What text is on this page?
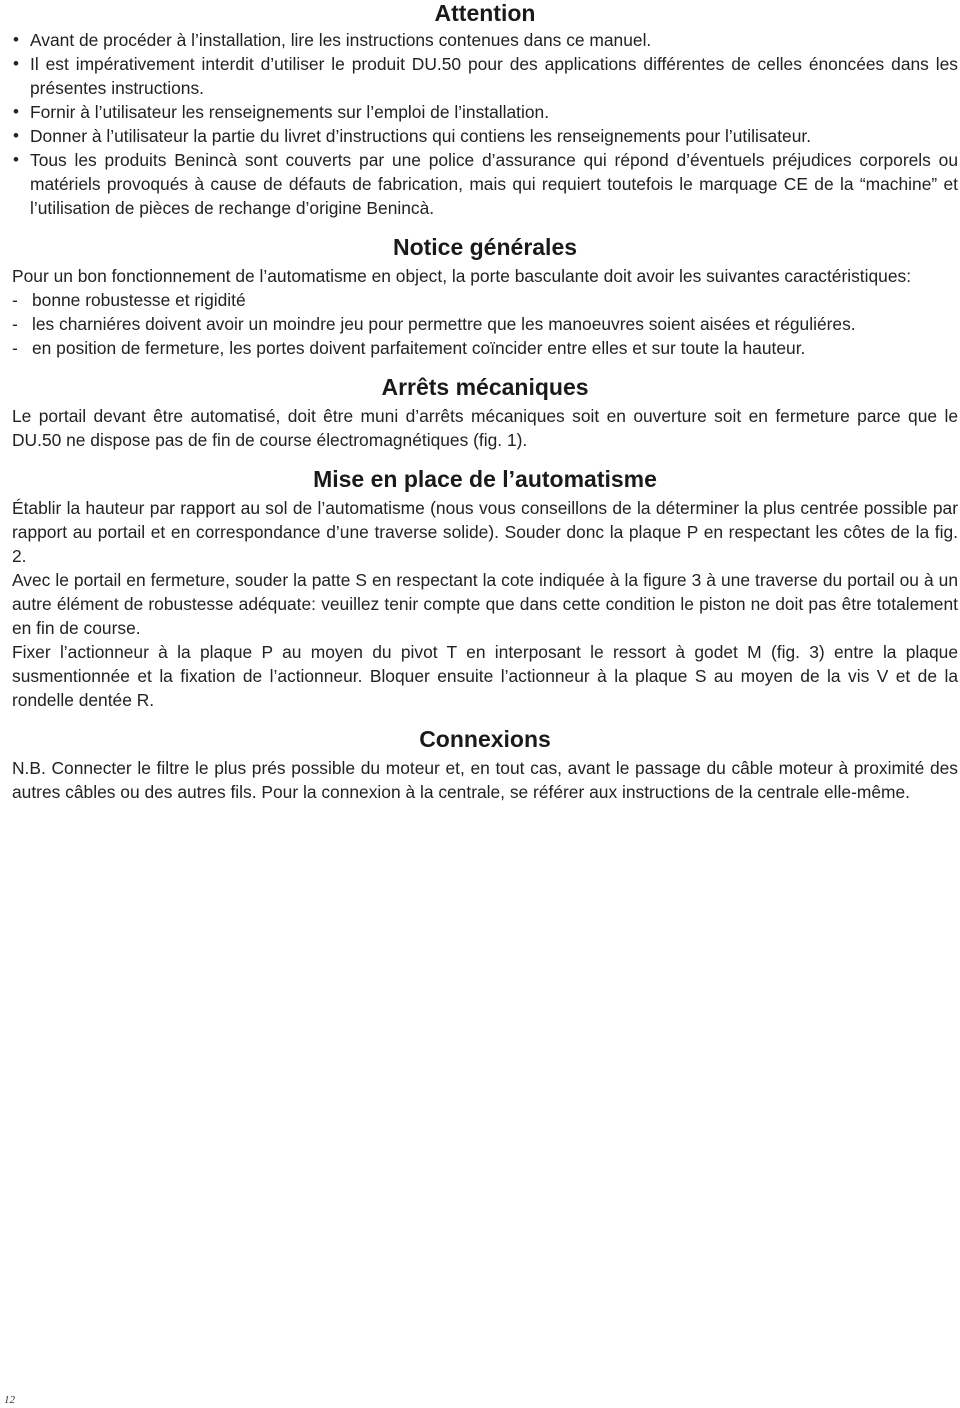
Attention
• Avant de procéder à l’installation, lire les instructions contenues dans ce manuel.
• Il est impérativement interdit d’utiliser le produit DU.50 pour des applications différentes de celles énoncées dans les présentes instructions.
• Fornir à l’utilisateur les renseignements sur l’emploi de l’installation.
• Donner à l’utilisateur la partie du livret d’instructions qui contiens les renseignements pour l’utilisateur.
• Tous les produits Benincà sont couverts par une police d’assurance qui répond d’éventuels préjudices corporels ou matériels provoqués à cause de défauts de fabrication, mais qui requiert toutefois le marquage CE de la “machine” et l’utilisation de pièces de rechange d’origine Benincà.
Notice générales

Pour un bon fonctionnement de l’automatisme en object, la porte basculante doit avoir les suivantes caractéristiques:

- bonne robustesse et rigidité
- les charniéres doivent avoir un moindre jeu pour permettre que les manoeuvres soient aisées et réguliéres.
- en position de fermeture, les portes doivent parfaitement coïncider entre elles et sur toute la hauteur.
Arrêts mécaniques

Le portail devant être automatisé, doit être muni d’arrêts mécaniques soit en ouverture soit en fermeture parce que le DU.50 ne dispose pas de fin de course électromagnétiques (fig. 1).

Mise en place de l’automatisme

Établir la hauteur par rapport au sol de l’automatisme (nous vous conseillons de la déterminer la plus centrée possible par rapport au portail et en correspondance d’une traverse solide). Souder donc la plaque P en respectant les côtes de la fig. 2.

Avec le portail en fermeture, souder la patte S en respectant la cote indiquée à la figure 3 à une traverse du portail ou à un autre élément de robustesse adéquate: veuillez tenir compte que dans cette condition le piston ne doit pas être totalement en fin de course.

Fixer l’actionneur à la plaque P au moyen du pivot T en interposant le ressort à godet M (fig. 3) entre la plaque susmentionnée et la fixation de l’actionneur. Bloquer ensuite l’actionneur à la plaque S au moyen de la vis V et de la rondelle dentée R.

Connexions

N.B. Connecter le filtre le plus prés possible du moteur et, en tout cas, avant le passage du câble moteur à proximité des autres câbles ou des autres fils. Pour la connexion à la centrale, se référer aux instructions de la centrale elle-même.

12
